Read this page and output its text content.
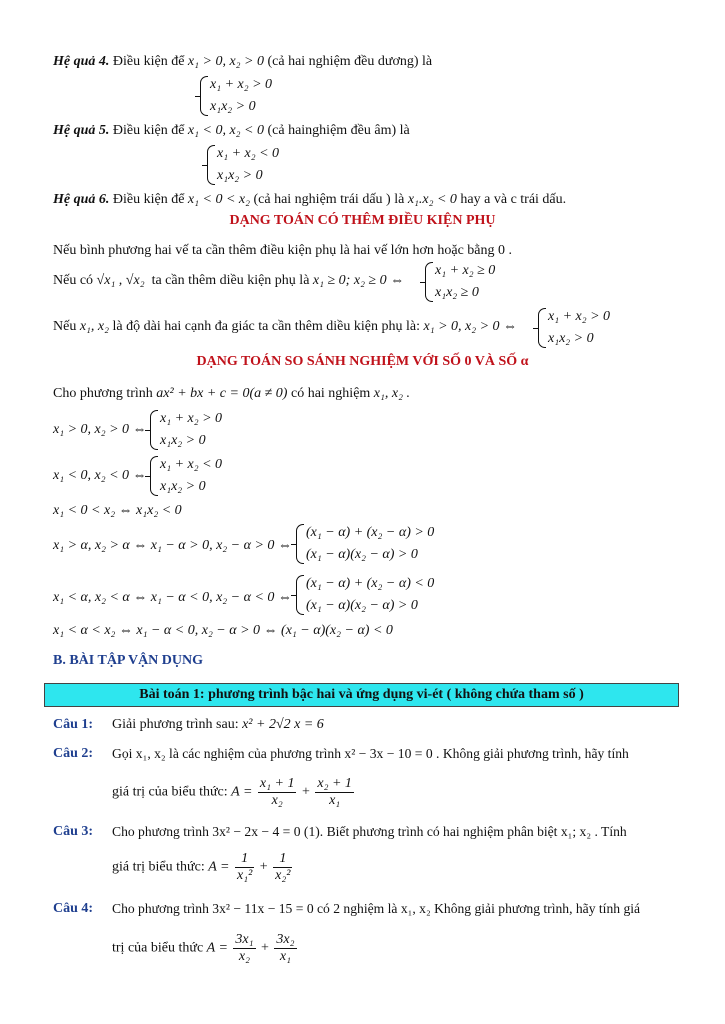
Hệ quả 4. Điều kiện để x₁ > 0, x₂ > 0 (cả hai nghiệm đều dương) là
x₁ + x₂ > 0
x₁x₂ > 0
Hệ quả 5. Điều kiện để x₁ < 0, x₂ < 0 (cả hainghiệm đều âm) là
x₁ + x₂ < 0
x₁x₂ > 0
Hệ quả 6. Điều kiện để x₁ < 0 < x₂ (cả hai nghiệm trái dấu ) là x₁.x₂ < 0 hay a và c trái dấu.
DẠNG TOÁN CÓ THÊM ĐIỀU KIỆN PHỤ
Nếu bình phương hai vế ta cần thêm điều kiện phụ là hai vế lớn hơn hoặc bằng 0 .
Nếu có √x₁ , √x₂ ta cần thêm diều kiện phụ là x₁ ≥ 0; x₂ ≥ 0 ⇔
x₁ + x₂ ≥ 0
x₁x₂ ≥ 0
Nếu x₁, x₂ là độ dài hai cạnh đa giác ta cần thêm diều kiện phụ là: x₁ > 0, x₂ > 0 ⇔
x₁ + x₂ > 0
x₁x₂ > 0
DẠNG TOÁN SO SÁNH NGHIỆM VỚI SỐ 0 VÀ SỐ α
Cho phương trình ax² + bx + c = 0(a ≠ 0) có hai nghiệm x₁, x₂ .
x₁ > 0, x₂ > 0 ⇔
x₁ + x₂ > 0
x₁x₂ > 0
x₁ < 0, x₂ < 0 ⇔
x₁ + x₂ < 0
x₁x₂ > 0
x₁ < 0 < x₂ ⇔ x₁x₂ < 0
x₁ > α, x₂ > α ⇔ x₁ − α > 0, x₂ − α > 0 ⇔
(x₁ − α) + (x₂ − α) > 0
(x₁ − α)(x₂ − α) > 0
x₁ < α, x₂ < α ⇔ x₁ − α < 0, x₂ − α < 0 ⇔
(x₁ − α) + (x₂ − α) < 0
(x₁ − α)(x₂ − α) > 0
x₁ < α < x₂ ⇔ x₁ − α < 0, x₂ − α > 0 ⇔ (x₁ − α)(x₂ − α) < 0
B. BÀI TẬP VẬN DỤNG
Bài toán 1: phương trình bậc hai và ứng dụng vi-ét ( không chứa tham số )
Câu 1: Giải phương trình sau: x² + 2√2 x = 6
Câu 2: Gọi x₁, x₂ là các nghiệm của phương trình x² − 3x − 10 = 0 . Không giải phương trình, hãy tính
giá trị của biểu thức: $A = \frac{\text{x₁ + 1}}{\text{x₂}} + \frac{\text{x₂ + 1}}{\text{x₁}}$
Câu 3: Cho phương trình 3x² − 2x − 4 = 0 (1). Biết phương trình có hai nghiệm phân biệt x₁; x₂ . Tính
giá trị biểu thức: $A = \frac{1}{\text{x₁²}} + \frac{1}{\text{x₂²}}$
Câu 4: Cho phương trình 3x² − 11x − 15 = 0 có 2 nghiệm là x₁, x₂ Không giải phương trình, hãy tính giá
trị của biểu thức $A = \frac{\text{3x₁}}{\text{x₂}} + \frac{\text{3x₂}}{\text{x₁}}$
